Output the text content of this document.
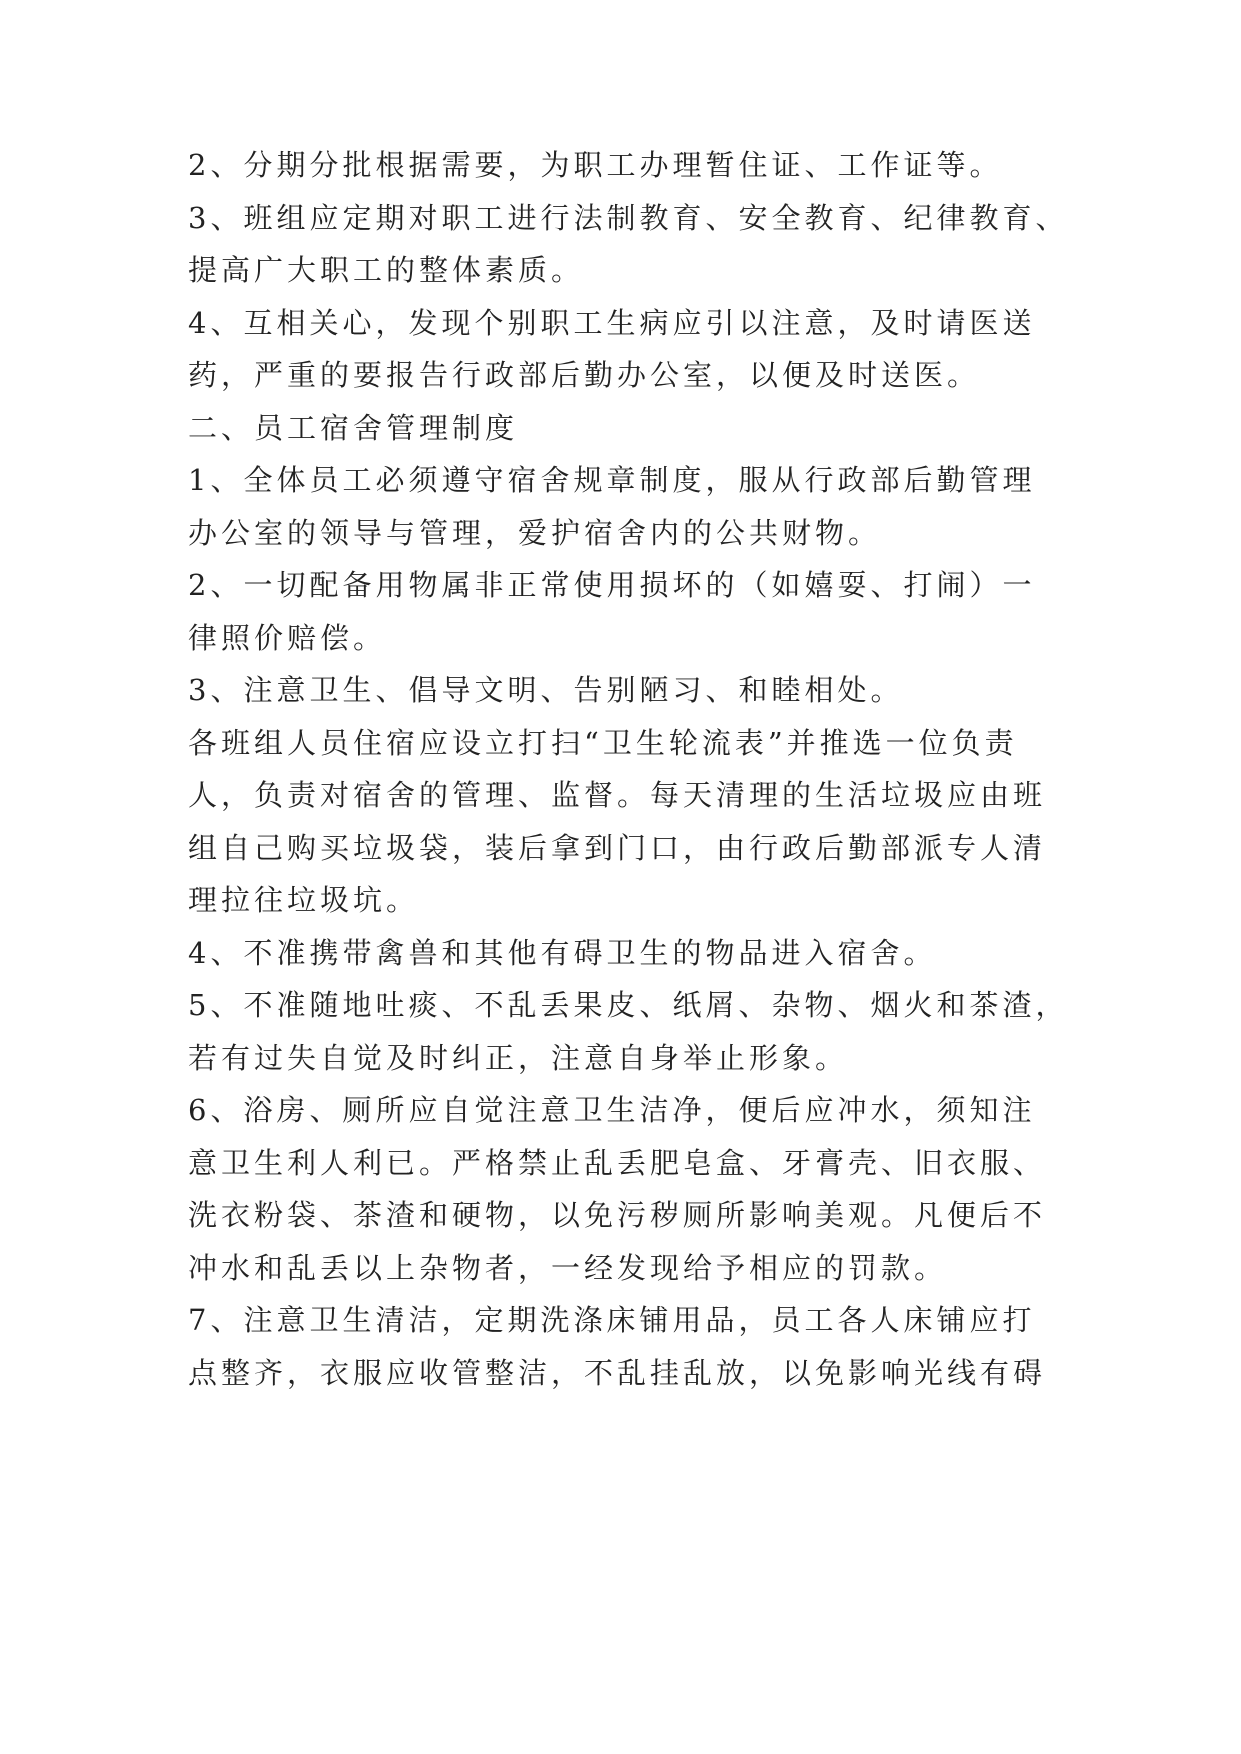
2、分期分批根据需要，为职工办理暂住证、工作证等。
3、班组应定期对职工进行法制教育、安全教育、纪律教育、
提高广大职工的整体素质。
4、互相关心，发现个别职工生病应引以注意，及时请医送
药，严重的要报告行政部后勤办公室，以便及时送医。
二、员工宿舍管理制度
1、全体员工必须遵守宿舍规章制度，服从行政部后勤管理
办公室的领导与管理，爱护宿舍内的公共财物。
2、一切配备用物属非正常使用损坏的（如嬉耍、打闹）一
律照价赔偿。
3、注意卫生、倡导文明、告别陋习、和睦相处。
各班组人员住宿应设立打扫“卫生轮流表”并推选一位负责
人，负责对宿舍的管理、监督。每天清理的生活垃圾应由班
组自己购买垃圾袋，装后拿到门口，由行政后勤部派专人清
理拉往垃圾坑。
4、不准携带禽兽和其他有碍卫生的物品进入宿舍。
5、不准随地吐痰、不乱丢果皮、纸屑、杂物、烟火和茶渣，
若有过失自觉及时纠正，注意自身举止形象。
6、浴房、厕所应自觉注意卫生洁净，便后应冲水，须知注
意卫生利人利已。严格禁止乱丢肥皂盒、牙膏壳、旧衣服、
洗衣粉袋、茶渣和硬物，以免污秽厕所影响美观。凡便后不
冲水和乱丢以上杂物者，一经发现给予相应的罚款。
7、注意卫生清洁，定期洗涤床铺用品，员工各人床铺应打
点整齐，衣服应收管整洁，不乱挂乱放，以免影响光线有碍
